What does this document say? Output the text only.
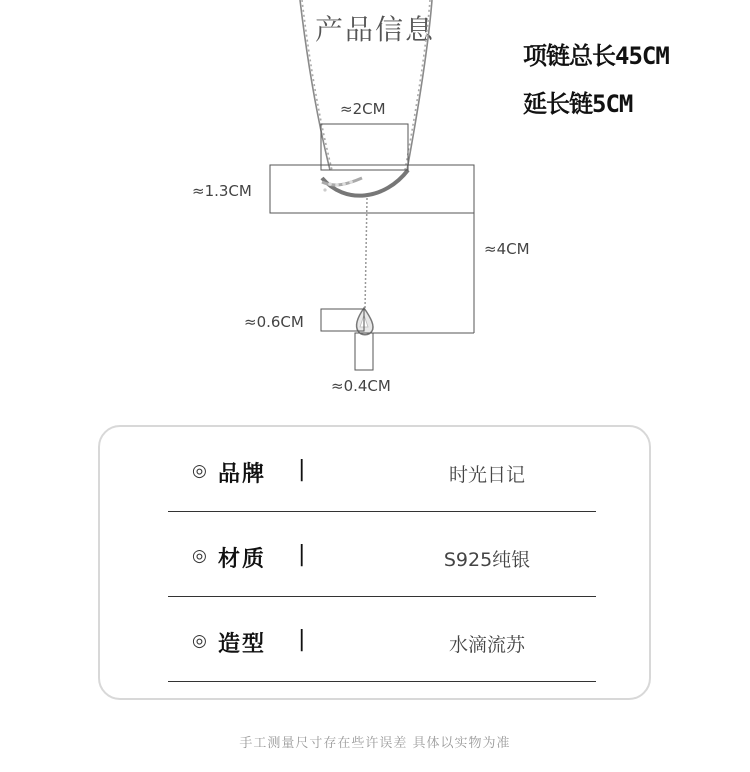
产品信息
项链总长45CM
延长链5CM
≈2CM
≈1.3CM
≈4CM
≈0.6CM
≈0.4CM
◎ 品牌 |	时光日记
◎ 材质 |	S925纯银
◎ 造型 |	水滴流苏
手工测量尺寸存在些许误差 具体以实物为准
